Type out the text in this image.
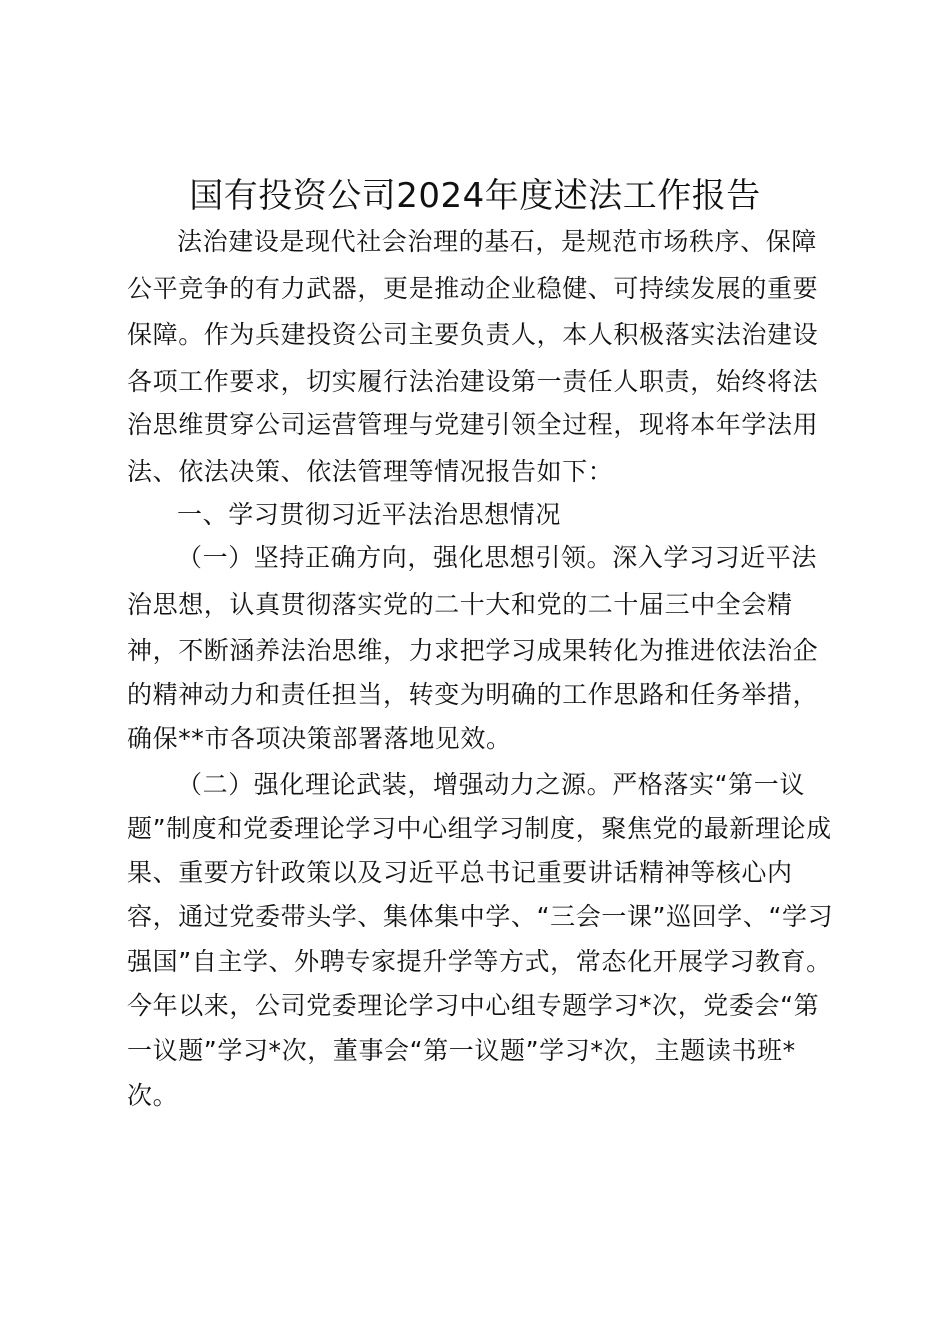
国有投资公司2024年度述法工作报告
法治建设是现代社会治理的基石，是规范市场秩序、保障
公平竞争的有力武器，更是推动企业稳健、可持续发展的重要
保障。作为兵建投资公司主要负责人，本人积极落实法治建设
各项工作要求，切实履行法治建设第一责任人职责，始终将法
治思维贯穿公司运营管理与党建引领全过程，现将本年学法用
法、依法决策、依法管理等情况报告如下：
一、学习贯彻习近平法治思想情况
（一）坚持正确方向，强化思想引领。深入学习习近平法
治思想，认真贯彻落实党的二十大和党的二十届三中全会精
神，不断涵养法治思维，力求把学习成果转化为推进依法治企
的精神动力和责任担当，转变为明确的工作思路和任务举措，
确保**市各项决策部署落地见效。
（二）强化理论武装，增强动力之源。严格落实“第一议
题”制度和党委理论学习中心组学习制度，聚焦党的最新理论成
果、重要方针政策以及习近平总书记重要讲话精神等核心内
容，通过党委带头学、集体集中学、“三会一课”巡回学、“学习
强国”自主学、外聘专家提升学等方式，常态化开展学习教育。
今年以来，公司党委理论学习中心组专题学习*次，党委会“第
一议题”学习*次，董事会“第一议题”学习*次，主题读书班*
次。
